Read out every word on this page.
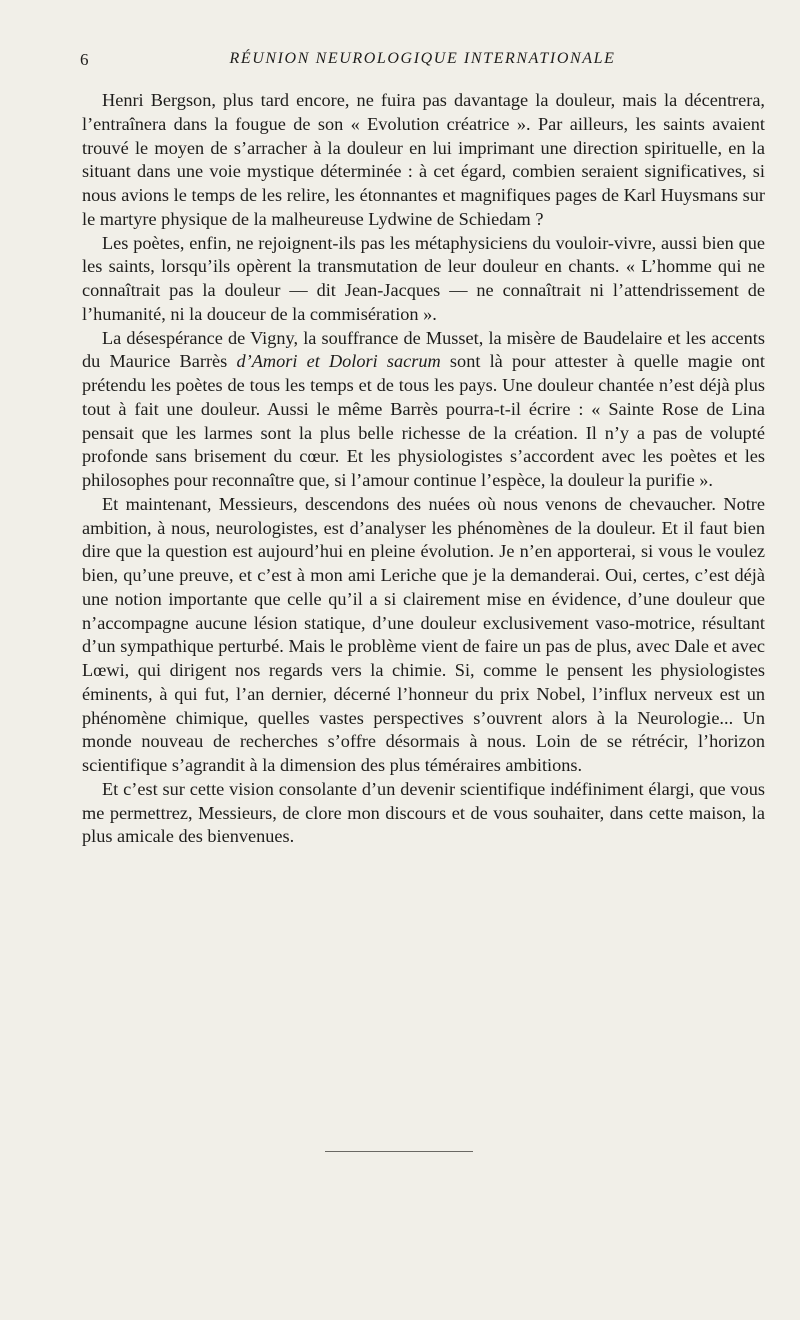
6	RÉUNION NEUROLOGIQUE INTERNATIONALE

Henri Bergson, plus tard encore, ne fuira pas davantage la douleur, mais la décentrera, l’entraînera dans la fougue de son « Evolution créatrice ». Par ailleurs, les saints avaient trouvé le moyen de s’arracher à la douleur en lui imprimant une direction spirituelle, en la situant dans une voie mystique déterminée : à cet égard, combien seraient significatives, si nous avions le temps de les relire, les étonnantes et magnifiques pages de Karl Huysmans sur le martyre physique de la malheureuse Lydwine de Schiedam ?

Les poètes, enfin, ne rejoignent-ils pas les métaphysiciens du vouloir-vivre, aussi bien que les saints, lorsqu’ils opèrent la transmutation de leur douleur en chants. « L’homme qui ne connaîtrait pas la douleur — dit Jean-Jacques — ne connaîtrait ni l’attendrissement de l’humanité, ni la douceur de la commisération ».

La désespérance de Vigny, la souffrance de Musset, la misère de Baudelaire et les accents du Maurice Barrès d’Amori et Dolori sacrum sont là pour attester à quelle magie ont prétendu les poètes de tous les temps et de tous les pays. Une douleur chantée n’est déjà plus tout à fait une douleur. Aussi le même Barrès pourra-t-il écrire : « Sainte Rose de Lina pensait que les larmes sont la plus belle richesse de la création. Il n’y a pas de volupté profonde sans brisement du cœur. Et les physiologistes s’accordent avec les poètes et les philosophes pour reconnaître que, si l’amour continue l’espèce, la douleur la purifie ».

Et maintenant, Messieurs, descendons des nuées où nous venons de chevaucher. Notre ambition, à nous, neurologistes, est d’analyser les phénomènes de la douleur. Et il faut bien dire que la question est aujourd’hui en pleine évolution. Je n’en apporterai, si vous le voulez bien, qu’une preuve, et c’est à mon ami Leriche que je la demanderai. Oui, certes, c’est déjà une notion importante que celle qu’il a si clairement mise en évidence, d’une douleur que n’accompagne aucune lésion statique, d’une douleur exclusivement vaso-motrice, résultant d’un sympathique perturbé. Mais le problème vient de faire un pas de plus, avec Dale et avec Lœwi, qui dirigent nos regards vers la chimie. Si, comme le pensent les physiologistes éminents, à qui fut, l’an dernier, décerné l’honneur du prix Nobel, l’influx nerveux est un phénomène chimique, quelles vastes perspectives s’ouvrent alors à la Neurologie... Un monde nouveau de recherches s’offre désormais à nous. Loin de se rétrécir, l’horizon scientifique s’agrandit à la dimension des plus téméraires ambitions.

Et c’est sur cette vision consolante d’un devenir scientifique indéfiniment élargi, que vous me permettrez, Messieurs, de clore mon discours et de vous souhaiter, dans cette maison, la plus amicale des bienvenues.
